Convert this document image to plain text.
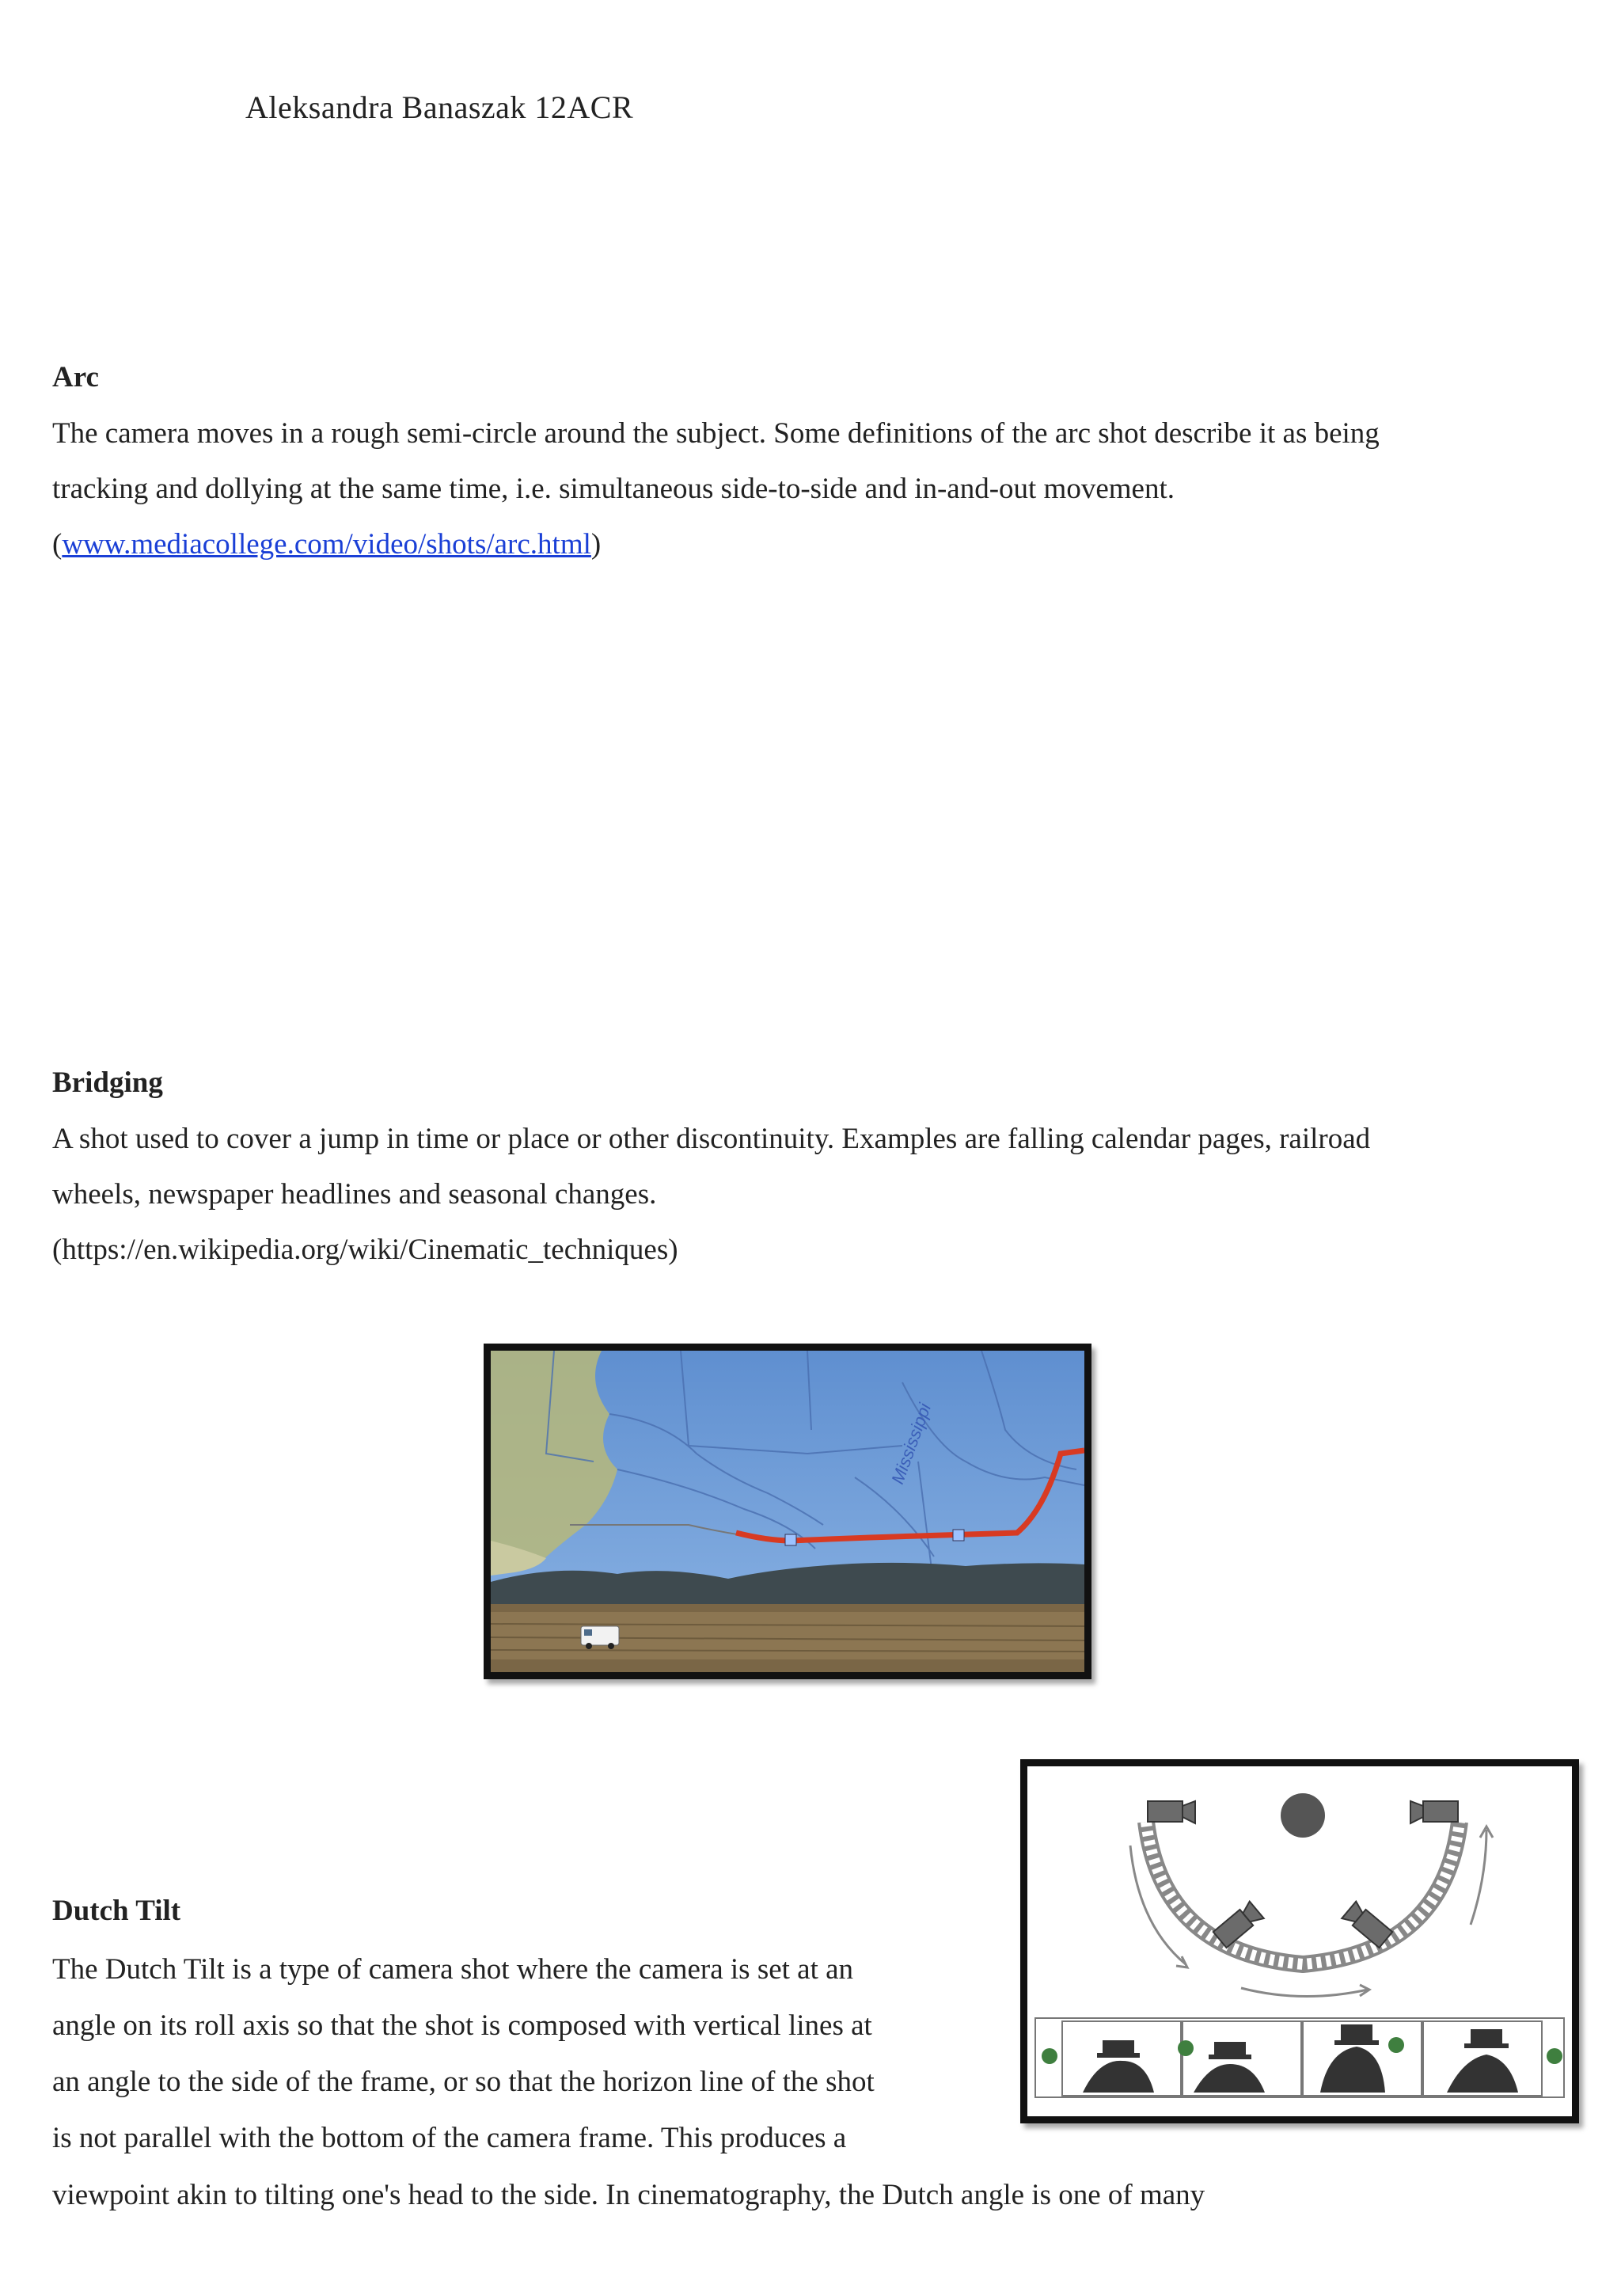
Aleksandra Banaszak 12ACR
Arc

The camera moves in a rough semi-circle around the subject. Some definitions of the arc shot describe it as being

tracking and dollying at the same time, i.e. simultaneous side-to-side and in-and-out movement.

(www.mediacollege.com/video/shots/arc.html)

Bridging

A shot used to cover a jump in time or place or other discontinuity. Examples are falling calendar pages, railroad

wheels, newspaper headlines and seasonal changes.

(https://en.wikipedia.org/wiki/Cinematic_techniques)

Mississippi
Dutch Tilt
The Dutch Tilt is a type of camera shot where the camera is set at an
angle on its roll axis so that the shot is composed with vertical lines at
an angle to the side of the frame, or so that the horizon line of the shot
is not parallel with the bottom of the camera frame. This produces a
viewpoint akin to tilting one's head to the side. In cinematography, the Dutch angle is one of many
